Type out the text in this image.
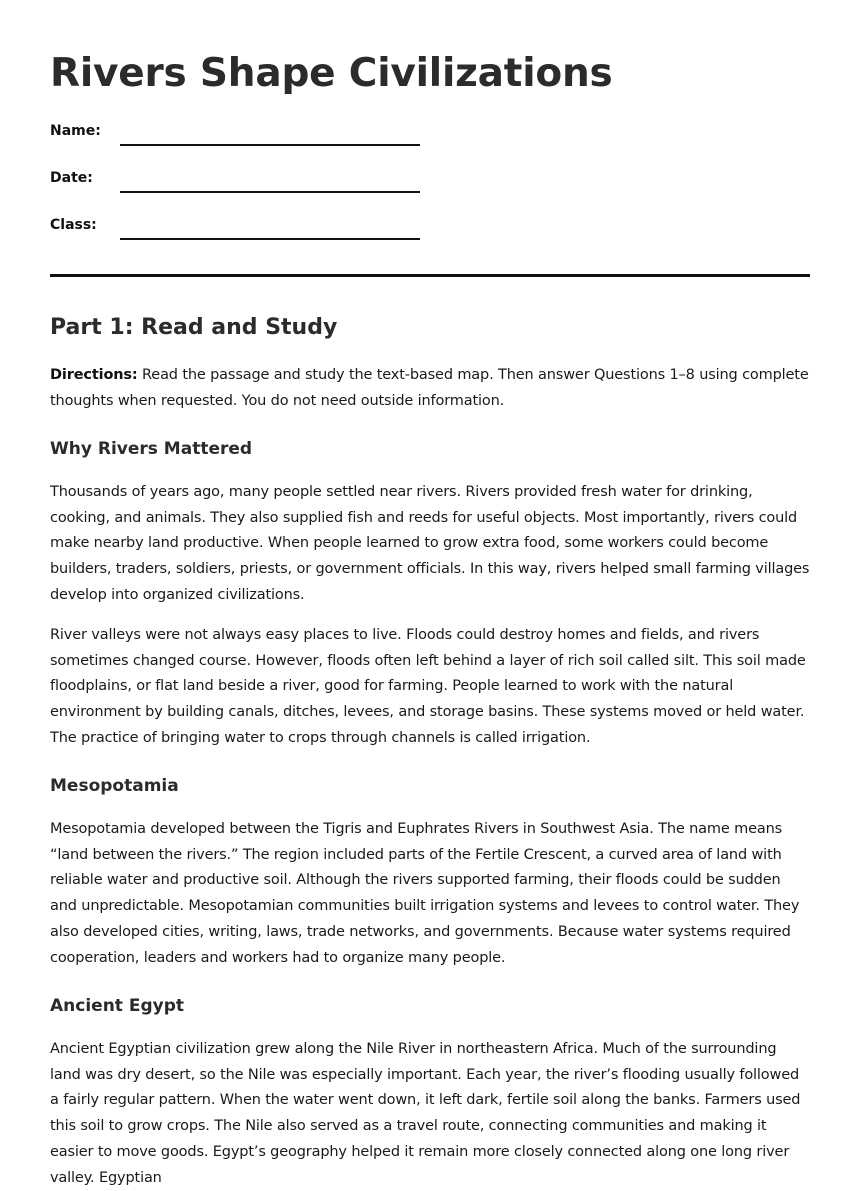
Rivers Shape Civilizations
Name:
Date:
Class:
Part 1: Read and Study

Directions: Read the passage and study the text-based map. Then answer Questions 1–8 using complete thoughts when requested. You do not need outside information.

Why Rivers Mattered

Thousands of years ago, many people settled near rivers. Rivers provided fresh water for drinking, cooking, and animals. They also supplied fish and reeds for useful objects. Most importantly, rivers could make nearby land productive. When people learned to grow extra food, some workers could become builders, traders, soldiers, priests, or government officials. In this way, rivers helped small farming villages develop into organized civilizations.

River valleys were not always easy places to live. Floods could destroy homes and fields, and rivers sometimes changed course. However, floods often left behind a layer of rich soil called silt. This soil made floodplains, or flat land beside a river, good for farming. People learned to work with the natural environment by building canals, ditches, levees, and storage basins. These systems moved or held water. The practice of bringing water to crops through channels is called irrigation.

Mesopotamia

Mesopotamia developed between the Tigris and Euphrates Rivers in Southwest Asia. The name means “land between the rivers.” The region included parts of the Fertile Crescent, a curved area of land with reliable water and productive soil. Although the rivers supported farming, their floods could be sudden and unpredictable. Mesopotamian communities built irrigation systems and levees to control water. They also developed cities, writing, laws, trade networks, and governments. Because water systems required cooperation, leaders and workers had to organize many people.

Ancient Egypt

Ancient Egyptian civilization grew along the Nile River in northeastern Africa. Much of the surrounding land was dry desert, so the Nile was especially important. Each year, the river’s flooding usually followed a fairly regular pattern. When the water went down, it left dark, fertile soil along the banks. Farmers used this soil to grow crops. The Nile also served as a travel route, connecting communities and making it easier to move goods. Egypt’s geography helped it remain more closely connected along one long river valley. Egyptian
